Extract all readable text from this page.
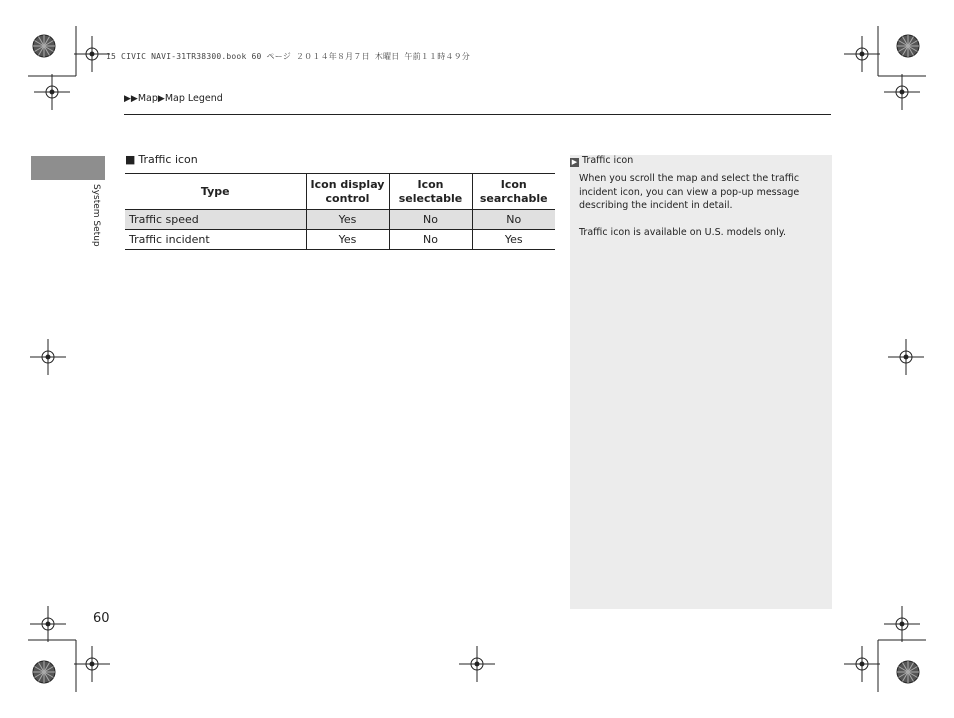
15 CIVIC NAVI-31TR38300.book 60 ページ ２０１４年８月７日 木曜日 午前１１時４９分
▶▶Map▶Map Legend
System Setup
■ Traffic icon
Type	Icon display control	Icon selectable	Icon searchable
Traffic speed	Yes	No	No
Traffic incident	Yes	No	Yes
▶ Traffic icon
When you scroll the map and select the traffic incident icon, you can view a pop-up message describing the incident in detail.
Traffic icon is available on U.S. models only.
60
